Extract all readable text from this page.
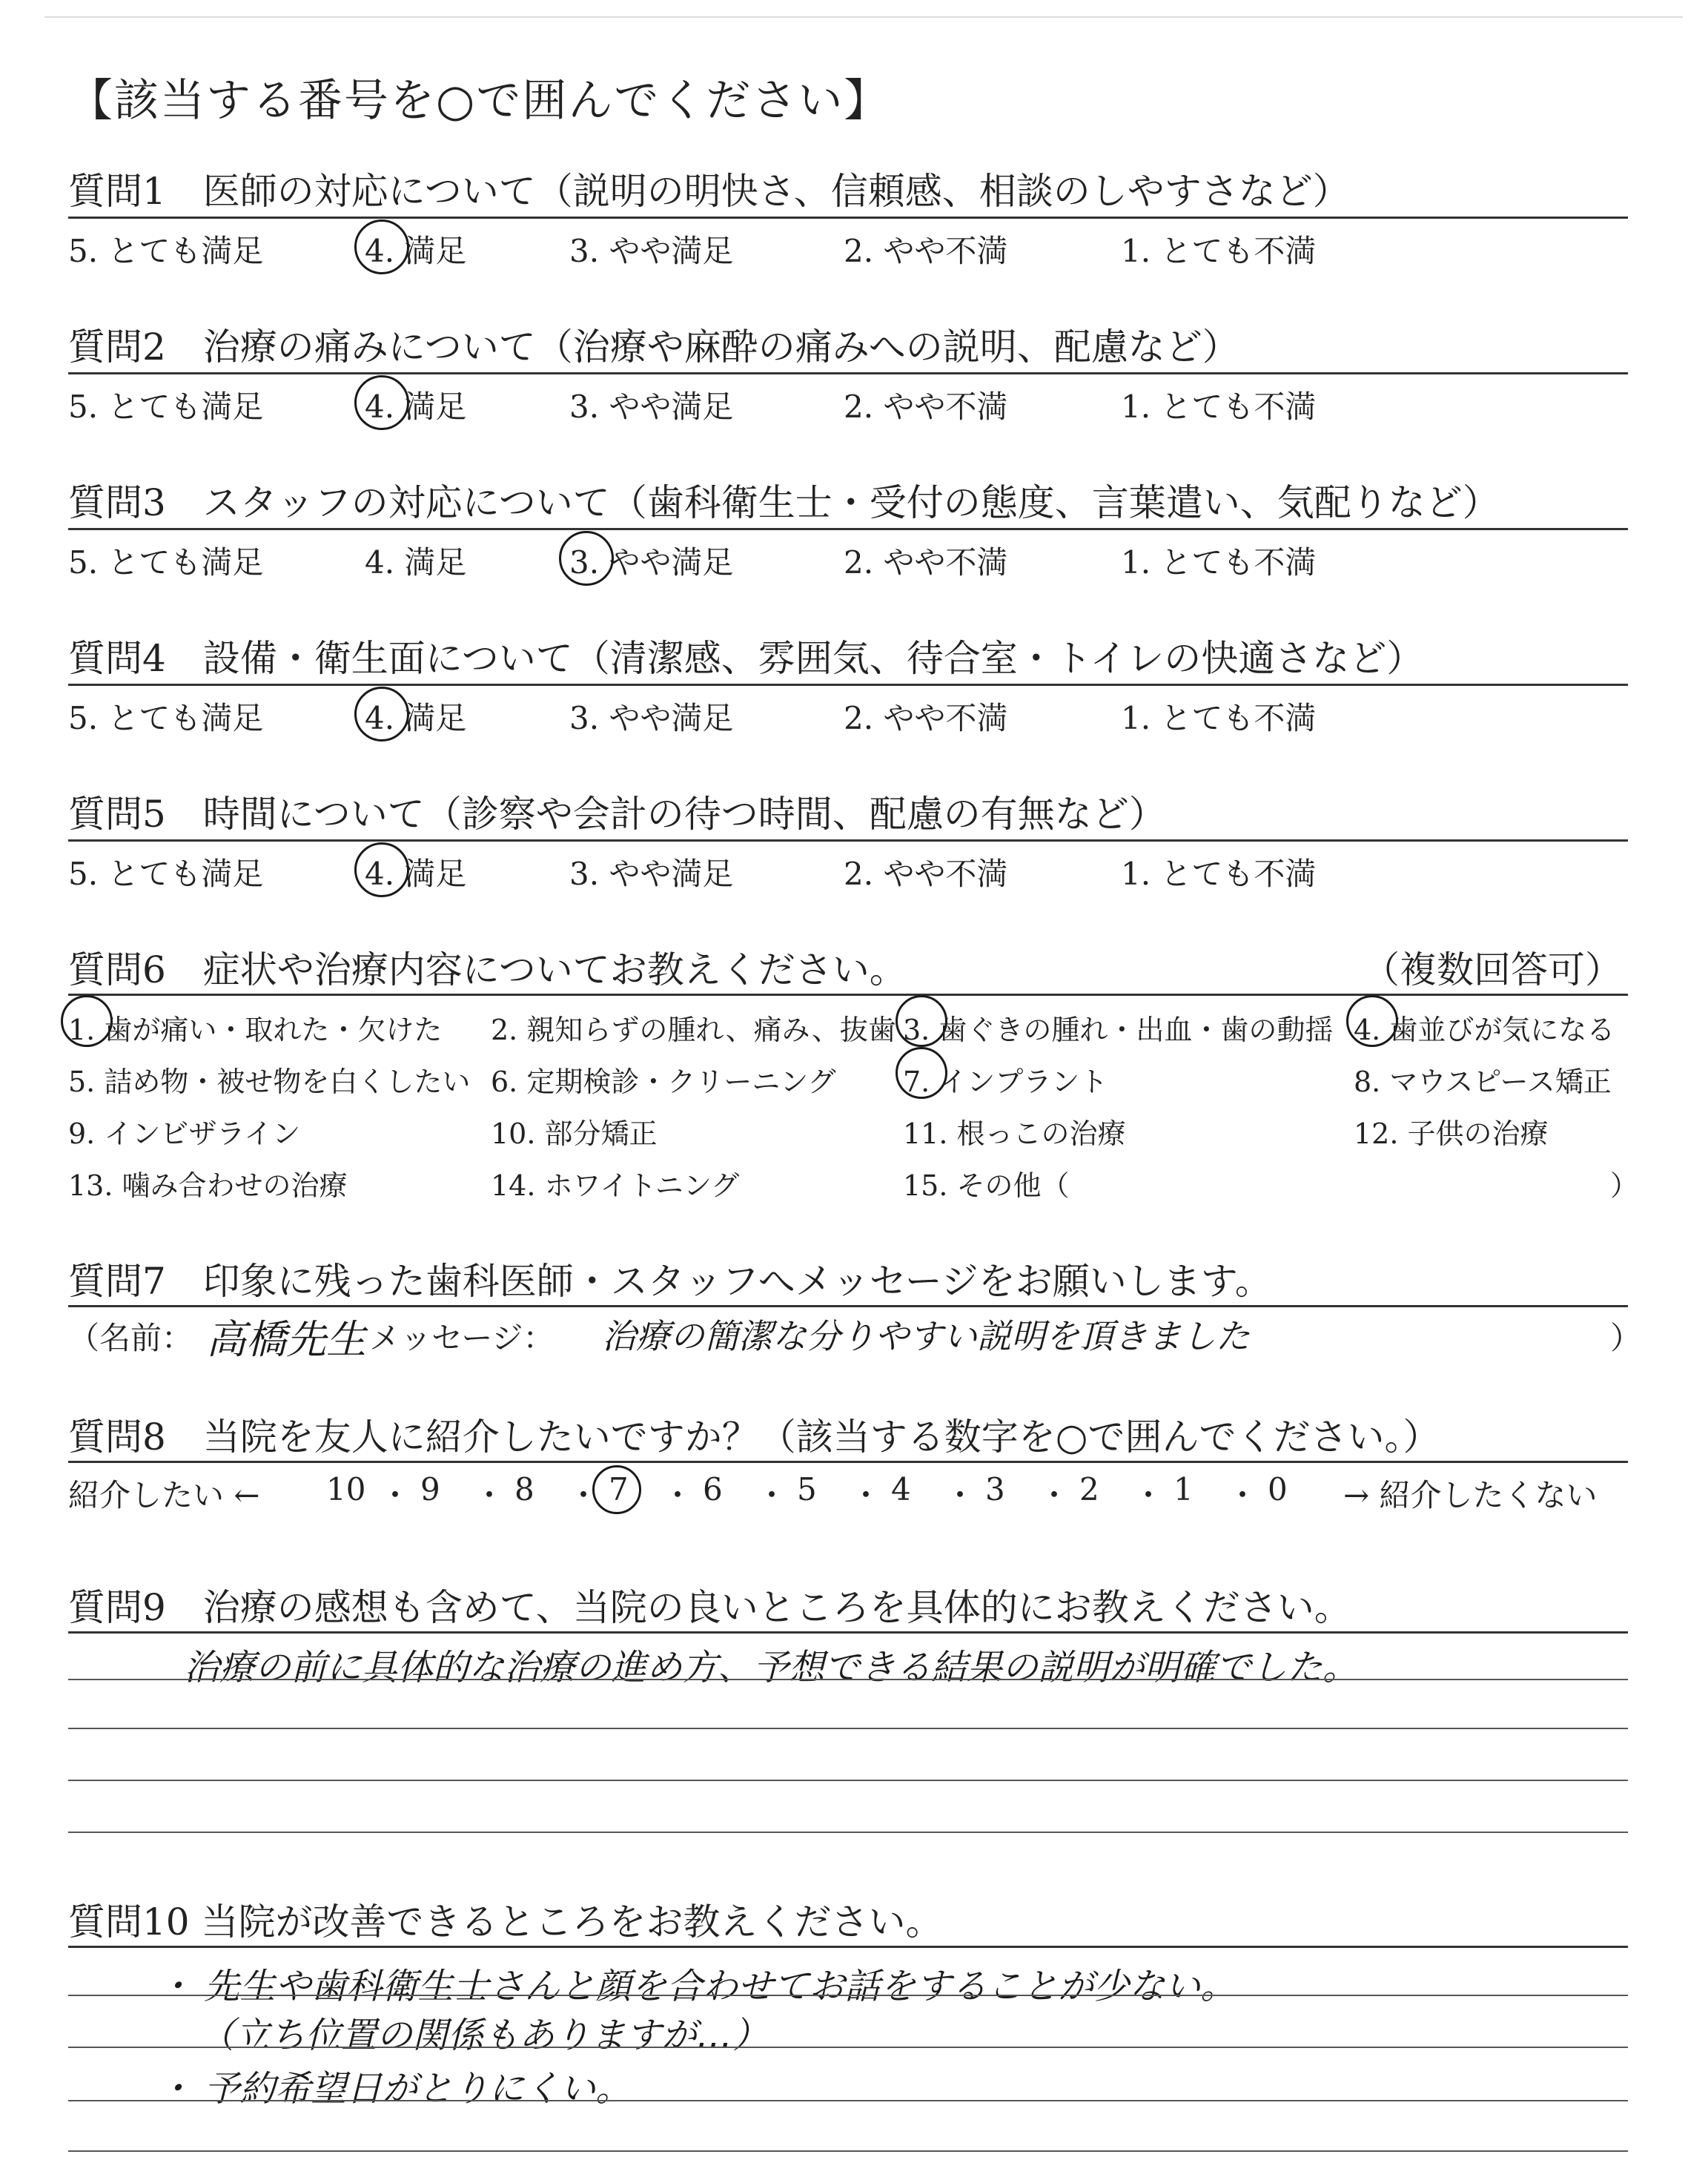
【該当する番号を○で囲んでください】
質問1　医師の対応について（説明の明快さ、信頼感、相談のしやすさなど）
5. とても満足	4. 満足	3. やや満足	2. やや不満	1. とても不満
質問2　治療の痛みについて（治療や麻酔の痛みへの説明、配慮など）
5. とても満足	4. 満足	3. やや満足	2. やや不満	1. とても不満
質問3　スタッフの対応について（歯科衛生士・受付の態度、言葉遣い、気配りなど）
5. とても満足	4. 満足	3. やや満足	2. やや不満	1. とても不満
質問4　設備・衛生面について（清潔感、雰囲気、待合室・トイレの快適さなど）
5. とても満足	4. 満足	3. やや満足	2. やや不満	1. とても不満
質問5　時間について（診察や会計の待つ時間、配慮の有無など）
5. とても満足	4. 満足	3. やや満足	2. やや不満	1. とても不満
質問6　症状や治療内容についてお教えください。	（複数回答可）
1. 歯が痛い・取れた・欠けた 2. 親知らずの腫れ、痛み、抜歯 3. 歯ぐきの腫れ・出血・歯の動揺 4. 歯並びが気になる
5. 詰め物・被せ物を白くしたい 6. 定期検診・クリーニング 7. インプラント	8. マウスピース矯正
9. インビザライン	10. 部分矯正	11. 根っこの治療	12. 子供の治療
13. 噛み合わせの治療	14. ホワイトニング	15. その他（	）
質問7　印象に残った歯科医師・スタッフへメッセージをお願いします。
（名前： 高橋先生 メッセージ： 治療の簡潔な分りやすい説明を頂きました	）
質問8　当院を友人に紹介したいですか？（該当する数字を○で囲んでください。）
紹介したい ←	→ 紹介したくない
10 ・ 9 ・ 8 ・ 7 ・ 6 ・ 5 ・ 4 ・ 3 ・ 2 ・ 1 ・ 0
質問9　治療の感想も含めて、当院の良いところを具体的にお教えください。
治療の前に具体的な治療の進め方、予想できる結果の説明が明確でした。
質問10 当院が改善できるところをお教えください。
・ 先生や歯科衛生士さんと顔を合わせてお話をすることが少ない。
（立ち位置の関係もありますが…）
・ 予約希望日がとりにくい。
